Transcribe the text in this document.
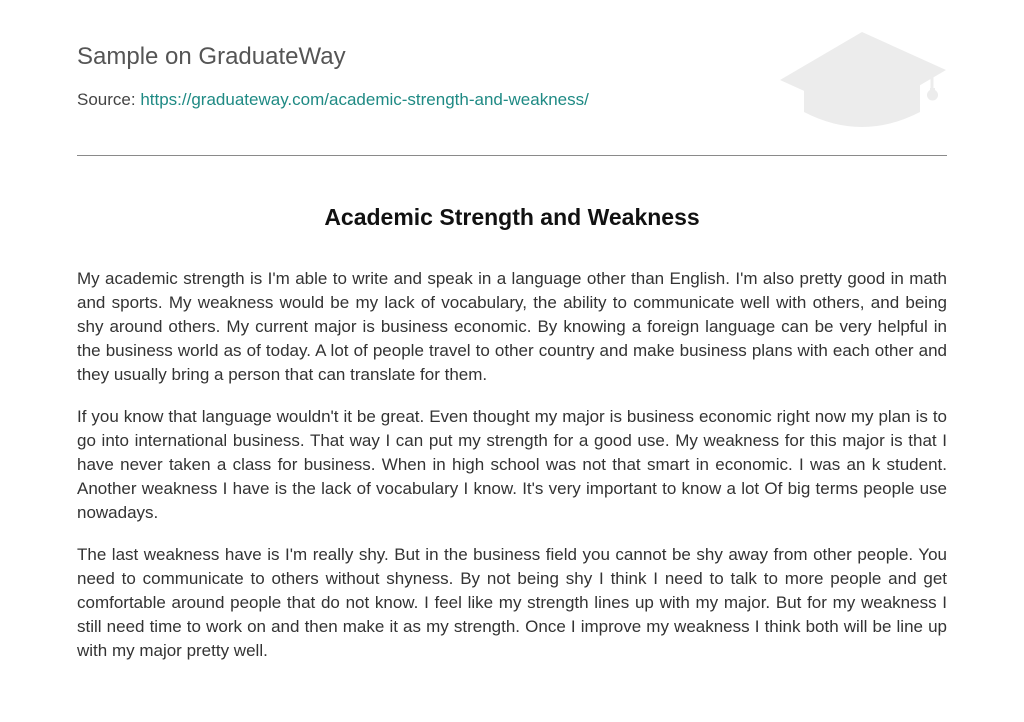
Sample on GraduateWay
Source: https://graduateway.com/academic-strength-and-weakness/
Academic Strength and Weakness

My academic strength is I'm able to write and speak in a language other than English. I'm also pretty good in math and sports. My weakness would be my lack of vocabulary, the ability to communicate well with others, and being shy around others. My current major is business economic. By knowing a foreign language can be very helpful in the business world as of today. A lot of people travel to other country and make business plans with each other and they usually bring a person that can translate for them.

If you know that language wouldn't it be great. Even thought my major is business economic right now my plan is to go into international business. That way I can put my strength for a good use. My weakness for this major is that I have never taken a class for business. When in high school was not that smart in economic. I was an k student. Another weakness I have is the lack of vocabulary I know. It's very important to know a lot Of big terms people use nowadays.

The last weakness have is I'm really shy. But in the business field you cannot be shy away from other people. You need to communicate to others without shyness. By not being shy I think I need to talk to more people and get comfortable around people that do not know. I feel like my strength lines up with my major. But for my weakness I still need time to work on and then make it as my strength. Once I improve my weakness I think both will be line up with my major pretty well.
